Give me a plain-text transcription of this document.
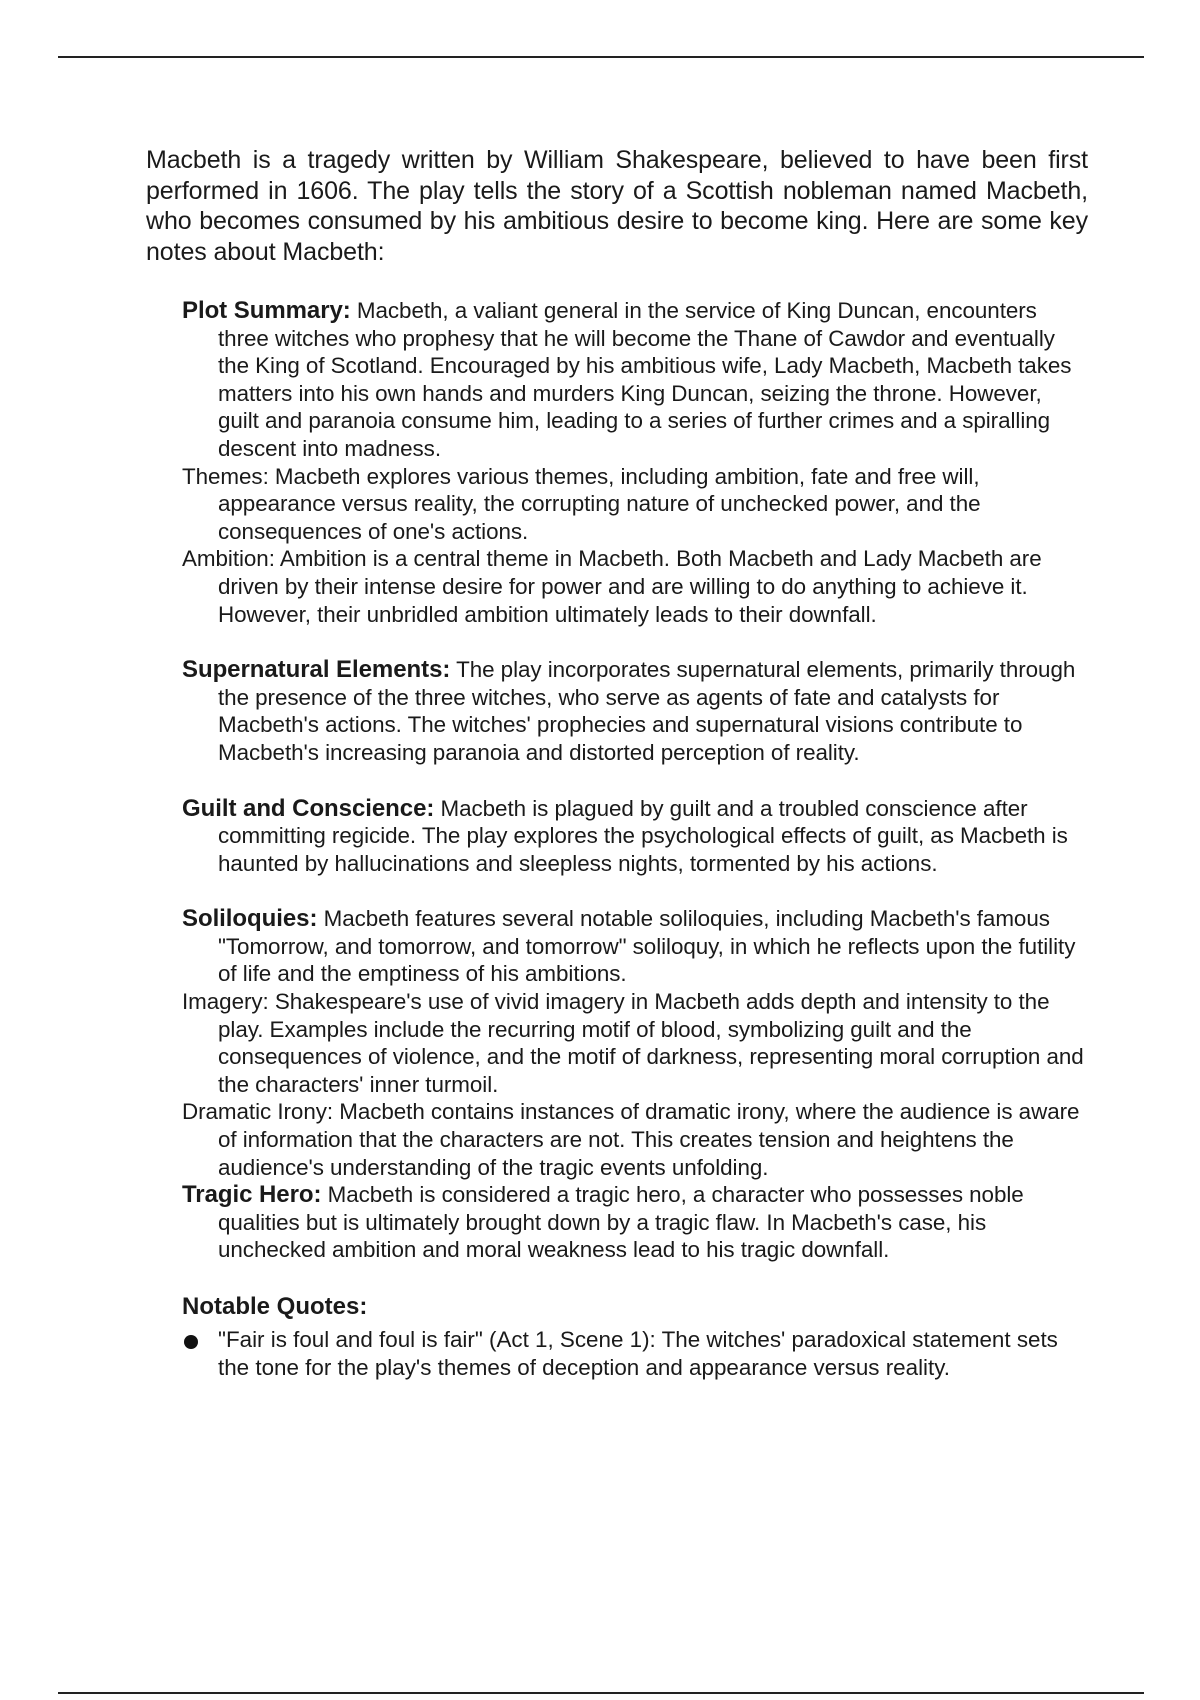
Macbeth is a tragedy written by William Shakespeare, believed to have been first performed in 1606. The play tells the story of a Scottish nobleman named Macbeth, who becomes consumed by his ambitious desire to become king. Here are some key notes about Macbeth:

Plot Summary: Macbeth, a valiant general in the service of King Duncan, encounters three witches who prophesy that he will become the Thane of Cawdor and eventually the King of Scotland. Encouraged by his ambitious wife, Lady Macbeth, Macbeth takes matters into his own hands and murders King Duncan, seizing the throne. However, guilt and paranoia consume him, leading to a series of further crimes and a spiralling descent into madness.

Themes: Macbeth explores various themes, including ambition, fate and free will, appearance versus reality, the corrupting nature of unchecked power, and the consequences of one's actions.

Ambition: Ambition is a central theme in Macbeth. Both Macbeth and Lady Macbeth are driven by their intense desire for power and are willing to do anything to achieve it. However, their unbridled ambition ultimately leads to their downfall.

Supernatural Elements: The play incorporates supernatural elements, primarily through the presence of the three witches, who serve as agents of fate and catalysts for Macbeth's actions. The witches' prophecies and supernatural visions contribute to Macbeth's increasing paranoia and distorted perception of reality.

Guilt and Conscience: Macbeth is plagued by guilt and a troubled conscience after committing regicide. The play explores the psychological effects of guilt, as Macbeth is haunted by hallucinations and sleepless nights, tormented by his actions.

Soliloquies: Macbeth features several notable soliloquies, including Macbeth's famous "Tomorrow, and tomorrow, and tomorrow" soliloquy, in which he reflects upon the futility of life and the emptiness of his ambitions.

Imagery: Shakespeare's use of vivid imagery in Macbeth adds depth and intensity to the play. Examples include the recurring motif of blood, symbolizing guilt and the consequences of violence, and the motif of darkness, representing moral corruption and the characters' inner turmoil.

Dramatic Irony: Macbeth contains instances of dramatic irony, where the audience is aware of information that the characters are not. This creates tension and heightens the audience's understanding of the tragic events unfolding.

Tragic Hero: Macbeth is considered a tragic hero, a character who possesses noble qualities but is ultimately brought down by a tragic flaw. In Macbeth's case, his unchecked ambition and moral weakness lead to his tragic downfall.

Notable Quotes:
"Fair is foul and foul is fair" (Act 1, Scene 1): The witches' paradoxical statement sets the tone for the play's themes of deception and appearance versus reality.
